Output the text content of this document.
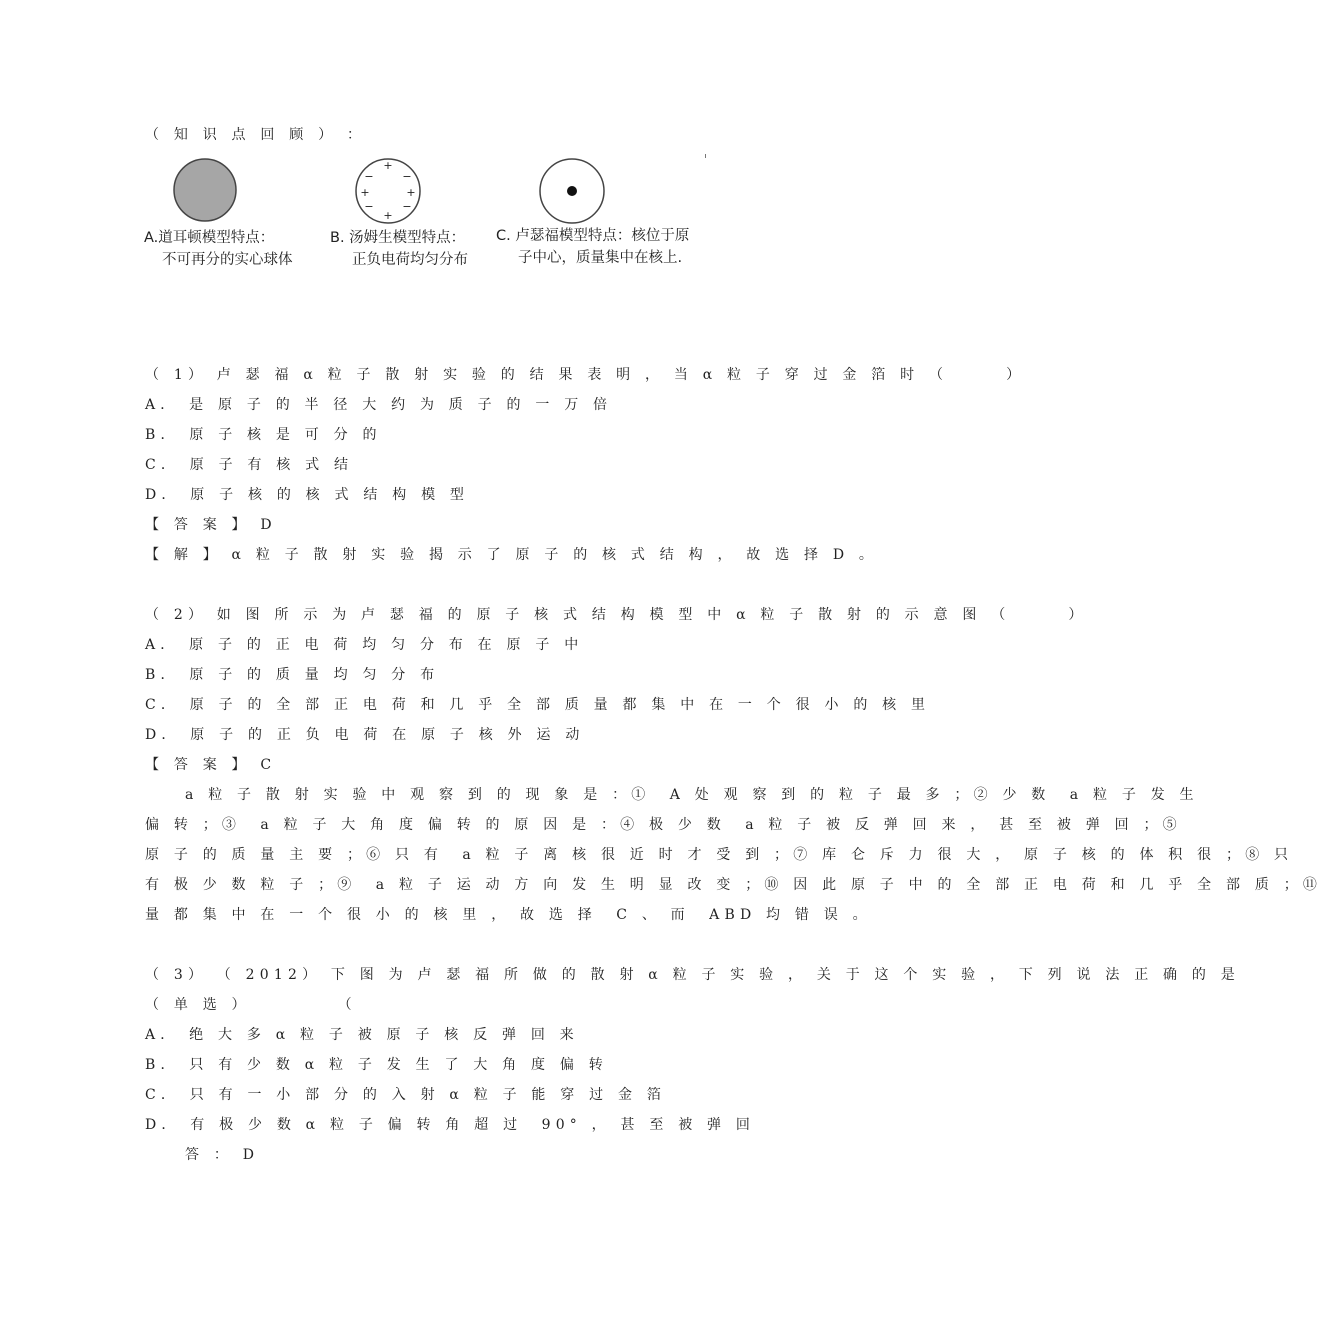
（ 知 识 点 回 顾 ） ：
+
+
+	+
−	−
−	−
A.道耳顿模型特点：
不可再分的实心球体
B. 汤姆生模型特点：
正负电荷均匀分布
C. 卢瑟福模型特点：核位于原
子中心，质量集中在核上.
（ 1） 卢 瑟 福 α 粒 子 散 射 实 验 的 结 果 表 明 ， 当 α 粒 子 穿 过 金 箔 时 （      ）
A． 是 原 子 的 半 径 大 约 为 质 子 的 一 万 倍
B． 原 子 核 是 可 分 的
C． 原 子 有 核 式 结
D． 原 子 核 的 核 式 结 构 模 型
【 答 案 】 D
【 解 】 α 粒 子 散 射 实 验 揭 示 了 原 子 的 核 式 结 构 ， 故 选 择 D 。
（ 2） 如 图 所 示 为 卢 瑟 福 的 原 子 核 式 结 构 模 型 中 α 粒 子 散 射 的 示 意 图 （      ）
A． 原 子 的 正 电 荷 均 匀 分 布 在 原 子 中
B． 原 子 的 质 量 均 匀 分 布
C． 原 子 的 全 部 正 电 荷 和 几 乎 全 部 质 量 都 集 中 在 一 个 很 小 的 核 里
D． 原 子 的 正 负 电 荷 在 原 子 核 外 运 动
【 答 案 】 C
a 粒 子 散 射 实 验 中 观 察 到 的 现 象 是 ：①  A 处 观 察 到 的 粒 子 最 多 ；② 少 数  a 粒 子 发 生
偏 转 ；③  a 粒 子 大 角 度 偏 转 的 原 因 是 ：④ 极 少 数  a 粒 子 被 反 弹 回 来 ， 甚 至 被 弹 回 ；⑤
原 子 的 质 量 主 要 ；⑥ 只 有  a 粒 子 离 核 很 近 时 才 受 到 ；⑦ 库 仑 斥 力 很 大 ， 原 子 核 的 体 积 很 ；⑧ 只
有 极 少 数 粒 子 ；⑨  a 粒 子 运 动 方 向 发 生 明 显 改 变 ；⑩ 因 此 原 子 中 的 全 部 正 电 荷 和 几 乎 全 部 质 ；⑪
量 都 集 中 在 一 个 很 小 的 核 里 ， 故 选 择  C 、 而  ABD 均 错 误 。
（ 3） （ 2012） 下 图 为 卢 瑟 福 所 做 的 散 射 α 粒 子 实 验 ， 关 于 这 个 实 验 ， 下 列 说 法 正 确 的 是
（ 单 选 ）         （
A． 绝 大 多 α 粒 子 被 原 子 核 反 弹 回 来
B． 只 有 少 数 α 粒 子 发 生 了 大 角 度 偏 转
C． 只 有 一 小 部 分 的 入 射 α 粒 子 能 穿 过 金 箔
D． 有 极 少 数 α 粒 子 偏 转 角 超 过  90° ， 甚 至 被 弹 回
答 ： D
